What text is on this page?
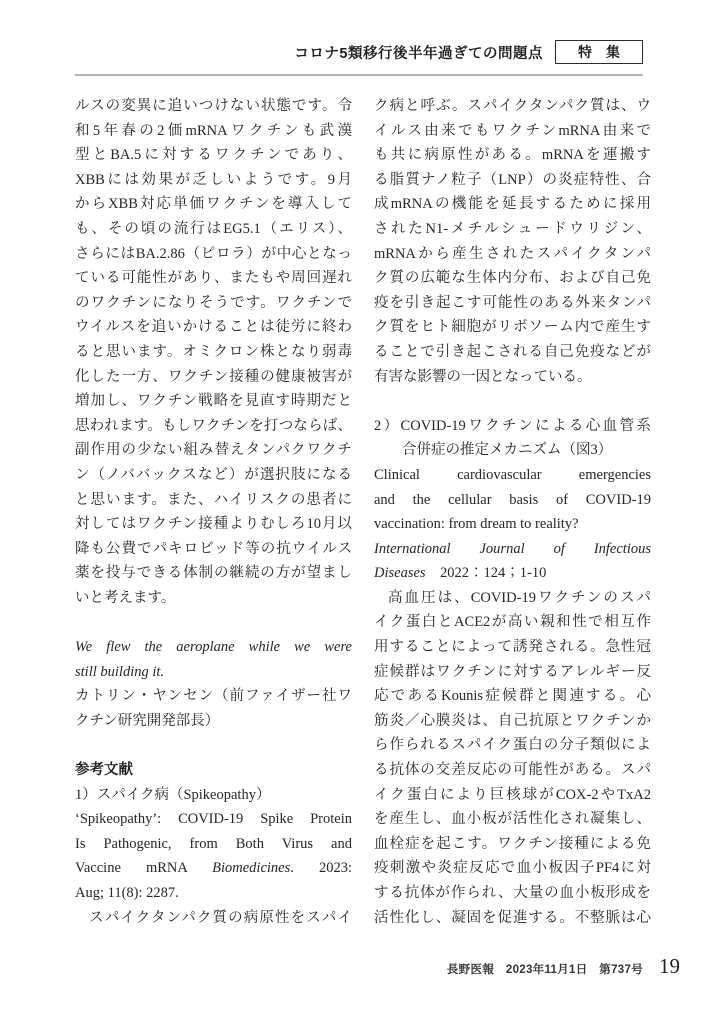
コロナ5類移行後半年過ぎての問題点	特　集
ルスの変異に追いつけない状態です。令
和5年春の2価mRNAワクチンも武漢
型とBA.5に対するワクチンであり、
XBBには効果が乏しいようです。9月
からXBB対応単価ワクチンを導入して
も、その頃の流行はEG5.1（エリス）、
さらにはBA.2.86（ピロラ）が中心となっ
ている可能性があり、またもや周回遅れ
のワクチンになりそうです。ワクチンで
ウイルスを追いかけることは徒労に終わ
ると思います。オミクロン株となり弱毒
化した一方、ワクチン接種の健康被害が
増加し、ワクチン戦略を見直す時期だと
思われます。もしワクチンを打つならば、
副作用の少ない組み替えタンパクワクチ
ン（ノババックスなど）が選択肢になる
と思います。また、ハイリスクの患者に
対してはワクチン接種よりむしろ10月以
降も公費でパキロビッド等の抗ウイルス
薬を投与できる体制の継続の方が望まし
いと考えます。
We flew the aeroplane while we were
still building it.
カトリン・ヤンセン（前ファイザー社ワ
クチン研究開発部長）
参考文献
1）スパイク病（Spikeopathy）
‘Spikeopathy’: COVID-19 Spike Protein
Is Pathogenic, from Both Virus and
Vaccine mRNA Biomedicines. 2023:
Aug; 11(8): 2287.
スパイクタンパク質の病原性をスパイ
ク病と呼ぶ。スパイクタンパク質は、ウ
イルス由来でもワクチンmRNA由来で
も共に病原性がある。mRNAを運搬す
る脂質ナノ粒子（LNP）の炎症特性、合
成mRNAの機能を延長するために採用
されたN1-メチルシュードウリジン、
mRNAから産生されたスパイクタンパ
ク質の広範な生体内分布、および自己免
疫を引き起こす可能性のある外来タンパ
ク質をヒト細胞がリボソーム内で産生す
ることで引き起こされる自己免疫などが
有害な影響の一因となっている。
2）COVID-19ワクチンによる心血管系
合併症の推定メカニズム（図3）
Clinical cardiovascular emergencies
and the cellular basis of COVID-19
vaccination: from dream to reality?
International Journal of Infectious
Diseases　2022：124；1-10
高血圧は、COVID-19ワクチンのスパ
イク蛋白とACE2が高い親和性で相互作
用することによって誘発される。急性冠
症候群はワクチンに対するアレルギー反
応であるKounis症候群と関連する。心
筋炎／心膜炎は、自己抗原とワクチンか
ら作られるスパイク蛋白の分子類似によ
る抗体の交差反応の可能性がある。スパ
イク蛋白により巨核球がCOX-2やTxA2
を産生し、血小板が活性化され凝集し、
血栓症を起こす。ワクチン接種による免
疫刺激や炎症反応で血小板因子PF4に対
する抗体が作られ、大量の血小板形成を
活性化し、凝固を促進する。不整脈は心
長野医報　2023年11月1日　第737号 19
